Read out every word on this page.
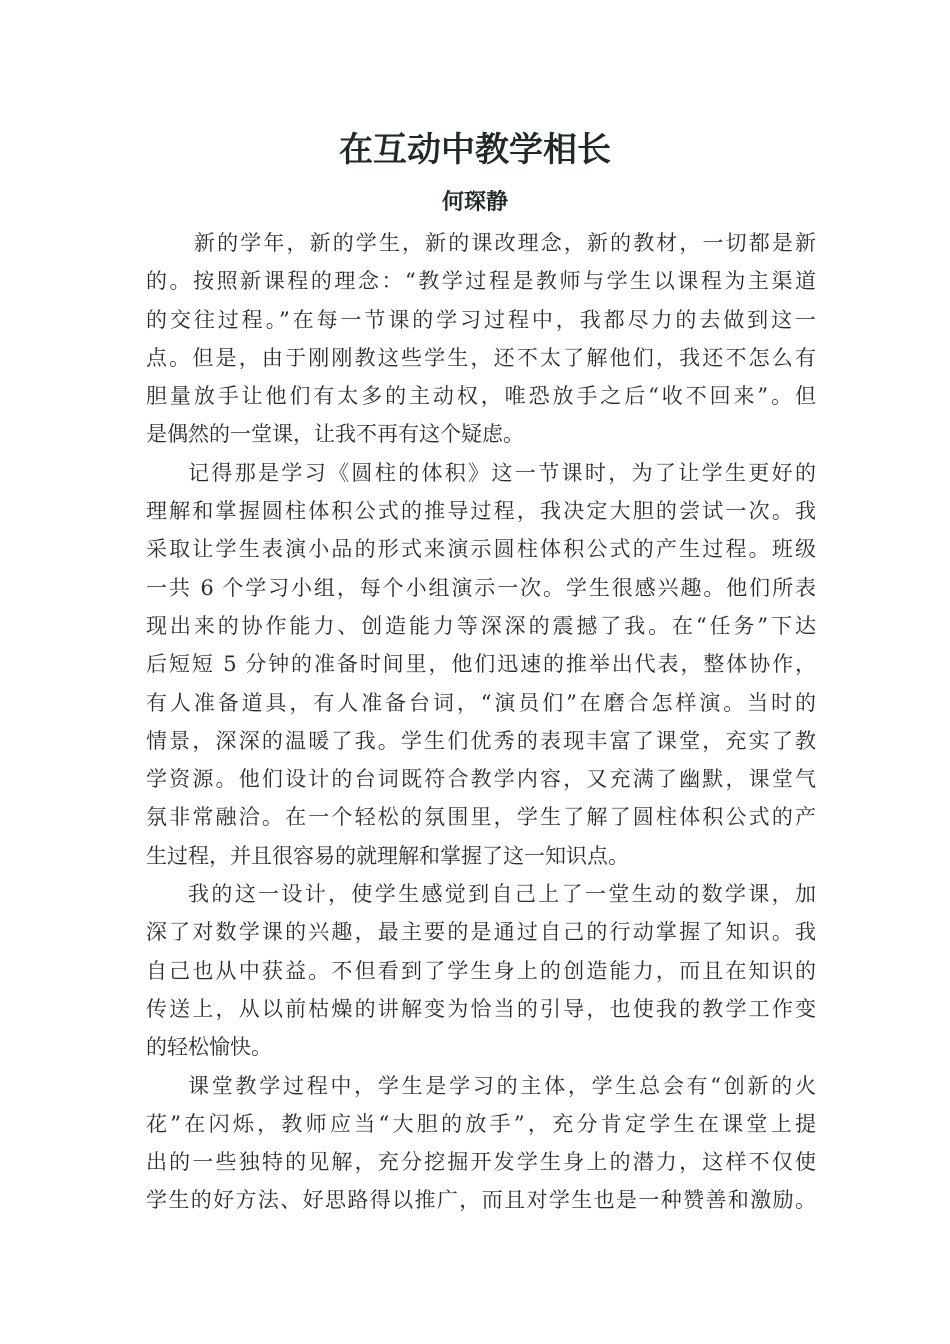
在互动中教学相长
何琛静
新的学年，新的学生，新的课改理念，新的教材，一切都是新
的。按照新课程的理念：“教学过程是教师与学生以课程为主渠道
的交往过程。”在每一节课的学习过程中，我都尽力的去做到这一
点。但是，由于刚刚教这些学生，还不太了解他们，我还不怎么有
胆量放手让他们有太多的主动权，唯恐放手之后“收不回来”。但
是偶然的一堂课，让我不再有这个疑虑。
记得那是学习《圆柱的体积》这一节课时，为了让学生更好的
理解和掌握圆柱体积公式的推导过程，我决定大胆的尝试一次。我
采取让学生表演小品的形式来演示圆柱体积公式的产生过程。班级
一共 6 个学习小组，每个小组演示一次。学生很感兴趣。他们所表
现出来的协作能力、创造能力等深深的震撼了我。在“任务”下达
后短短 5 分钟的准备时间里，他们迅速的推举出代表，整体协作，
有人准备道具，有人准备台词，“演员们”在磨合怎样演。当时的
情景，深深的温暖了我。学生们优秀的表现丰富了课堂，充实了教
学资源。他们设计的台词既符合教学内容，又充满了幽默，课堂气
氛非常融洽。在一个轻松的氛围里，学生了解了圆柱体积公式的产
生过程，并且很容易的就理解和掌握了这一知识点。
我的这一设计，使学生感觉到自己上了一堂生动的数学课，加
深了对数学课的兴趣，最主要的是通过自己的行动掌握了知识。我
自己也从中获益。不但看到了学生身上的创造能力，而且在知识的
传送上，从以前枯燥的讲解变为恰当的引导，也使我的教学工作变
的轻松愉快。
课堂教学过程中，学生是学习的主体，学生总会有“创新的火
花”在闪烁，教师应当“大胆的放手”，充分肯定学生在课堂上提
出的一些独特的见解，充分挖掘开发学生身上的潜力，这样不仅使
学生的好方法、好思路得以推广，而且对学生也是一种赞善和激励。
